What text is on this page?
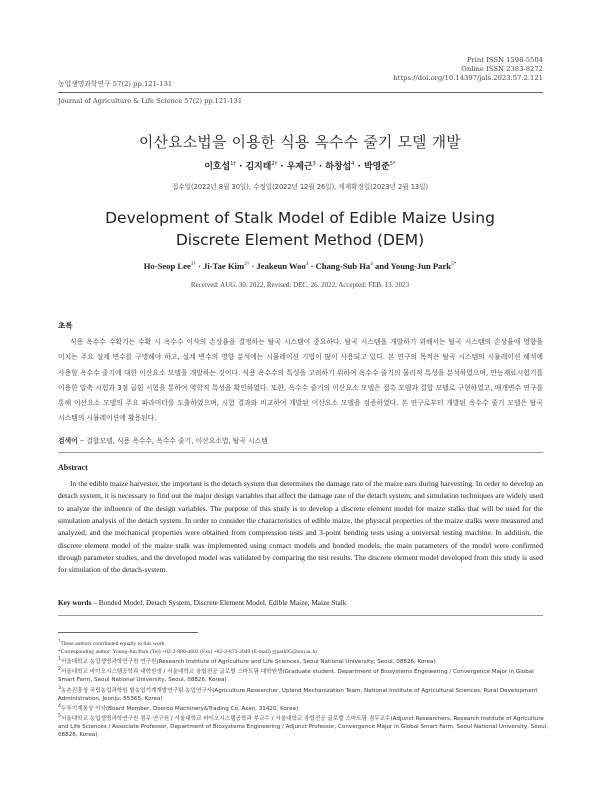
Print ISSN 1598-5504
Online ISSN 2383-8272
https://doi.org/10.14397/jals.2023.57.2.121
농업생명과학연구 57(2) pp.121-131
Journal of Agriculture & Life Science 57(2) pp.121-131
이산요소법을 이용한 식용 옥수수 줄기 모델 개발
이호섭$^{1\dagger}$ · 김지태$^{2\dagger}$ · 우제근$^3$ · 하창섭$^4$ · 박영준$^{5*}$
접수일(2022년 8월 30일), 수정일(2022년 12월 26일), 게재확정일(2023년 2월 13일)
Development of Stalk Model of Edible Maize Using
Discrete Element Method (DEM)
Ho-Seop Lee$^{1\dagger}$ · Ji-Tae Kim$^{2\dagger}$ · Jeakeun Woo$^3$ · Chang-Sub Ha$^4$ and Young-Jun Park$^{5*}$
Received: AUG. 30. 2022, Revised: DEC. 26. 2022, Accepted: FEB. 13. 2023
초록
식용 옥수수 수확기는 수확 시 옥수수 이삭의 손상율을 결정하는 탈곡 시스템이 중요하다. 탈곡 시스템을 개발하기 위해서는 탈곡 시스템의 손상율에 영향을 미치는 주요 설계 변수를 구명해야 하고, 설계 변수의 영향 분석에는 시뮬레이션 기법이 많이 사용되고 있다. 본 연구의 목적은 탈곡 시스템의 시뮬레이션 해석에 사용할 옥수수 줄기에 대한 이산요소 모델을 개발하는 것이다. 식용 옥수수의 특성을 고려하기 위하여 옥수수 줄기의 물리적 특성을 분석하였으며, 만능재료시험기를 이용한 압축 시험과 3점 굽힘 시험을 통하여 역학적 특성을 확인하였다. 또한, 옥수수 줄기의 이산요소 모델은 접촉 모델과 결합 모델로 구현하였고, 매개변수 연구를 통해 이산요소 모델의 주요 파라미터를 도출하였으며, 시험 결과와 비교하여 개발된 이산요소 모델을 검증하였다. 본 연구로부터 개발된 옥수수 줄기 모델은 탈곡 시스템의 시뮬레이션에 활용된다.
검색어 ‒ 결합모델, 식용 옥수수, 옥수수 줄기, 이산요소법, 탈곡 시스템
Abstract
In the edible maize harvester, the important is the detach system that determines the damage rate of the maize ears during harvesting. In order to develop an detach system, it is necessary to find out the major design variables that affect the damage rate of the detach system, and simulation techniques are widely used to analyze the influence of the design variables. The purpose of this study is to develop a discrete element model for maize stalks that will be used for the simulation analysis of the detach system. In order to consider the characteristics of edible maize, the physical properties of the maize stalks were measured and analyzed, and the mechanical properties were obtained from compression tests and 3-point bending tests using a universal testing machine. In addition, the discrete element model of the maize stalk was implemented using contact models and bonded models, the main parameters of the model were confirmed through parameter studies, and the developed model was validated by comparing the test results. The discrete element model developed from this study is used for simulation of the detach-system.
Key words ‒ Bonded Model, Detach System, Discrete Element Model, Edible Maize, Maize Stalk
†These authors contributed equally to this work
*Corresponding author: Young-Jun Park (Tel) +82-2-880-4602 (Fax) +82-2-873-2049 (E-mail) yjpark95@snu.ac.kr
$^1$서울대학교 농업생명과학연구원 연구원(Research Institute of Agriculture and Life Sciences, Seoul National University, Seoul, 08826, Korea)
$^2$서울대학교 바이오시스템공학과 대학원생 / 서울대학교 융합전공 글로벌 스마트팜 대학원생(Graduate student, Department of Biosystems Engineering / Convergence Major in Global Smart Farm, Seoul National University, Seoul, 08826, Korea)
$^3$농촌진흥청 국립농업과학원 밭농업기계개발연구팀 농업연구사(Agriculture Researcher, Upland Mechanization Team, National Institute of Agricultural Sciences, Rural Development Administration, Jeonju, 55365, Korea)
$^4$두루기계통상 이사(Board Member, Dooroo Machinery&Trading Co, Asan, 31420, Korea)
$^5$서울대학교 농업생명과학연구원 겸무 연구원 / 서울대학교 바이오시스템공학과 부교수 / 서울대학교 융합전공 글로벌 스마트팜 겸무교수(Adjunct Researchers, Research Institute of Agriculture and Life Sciences / Associate Professor, Department of Biosystems Engineering / Adjunct Professor, Convergence Major in Global Smart Farm, Seoul National University, Seoul, 08826, Korea)
